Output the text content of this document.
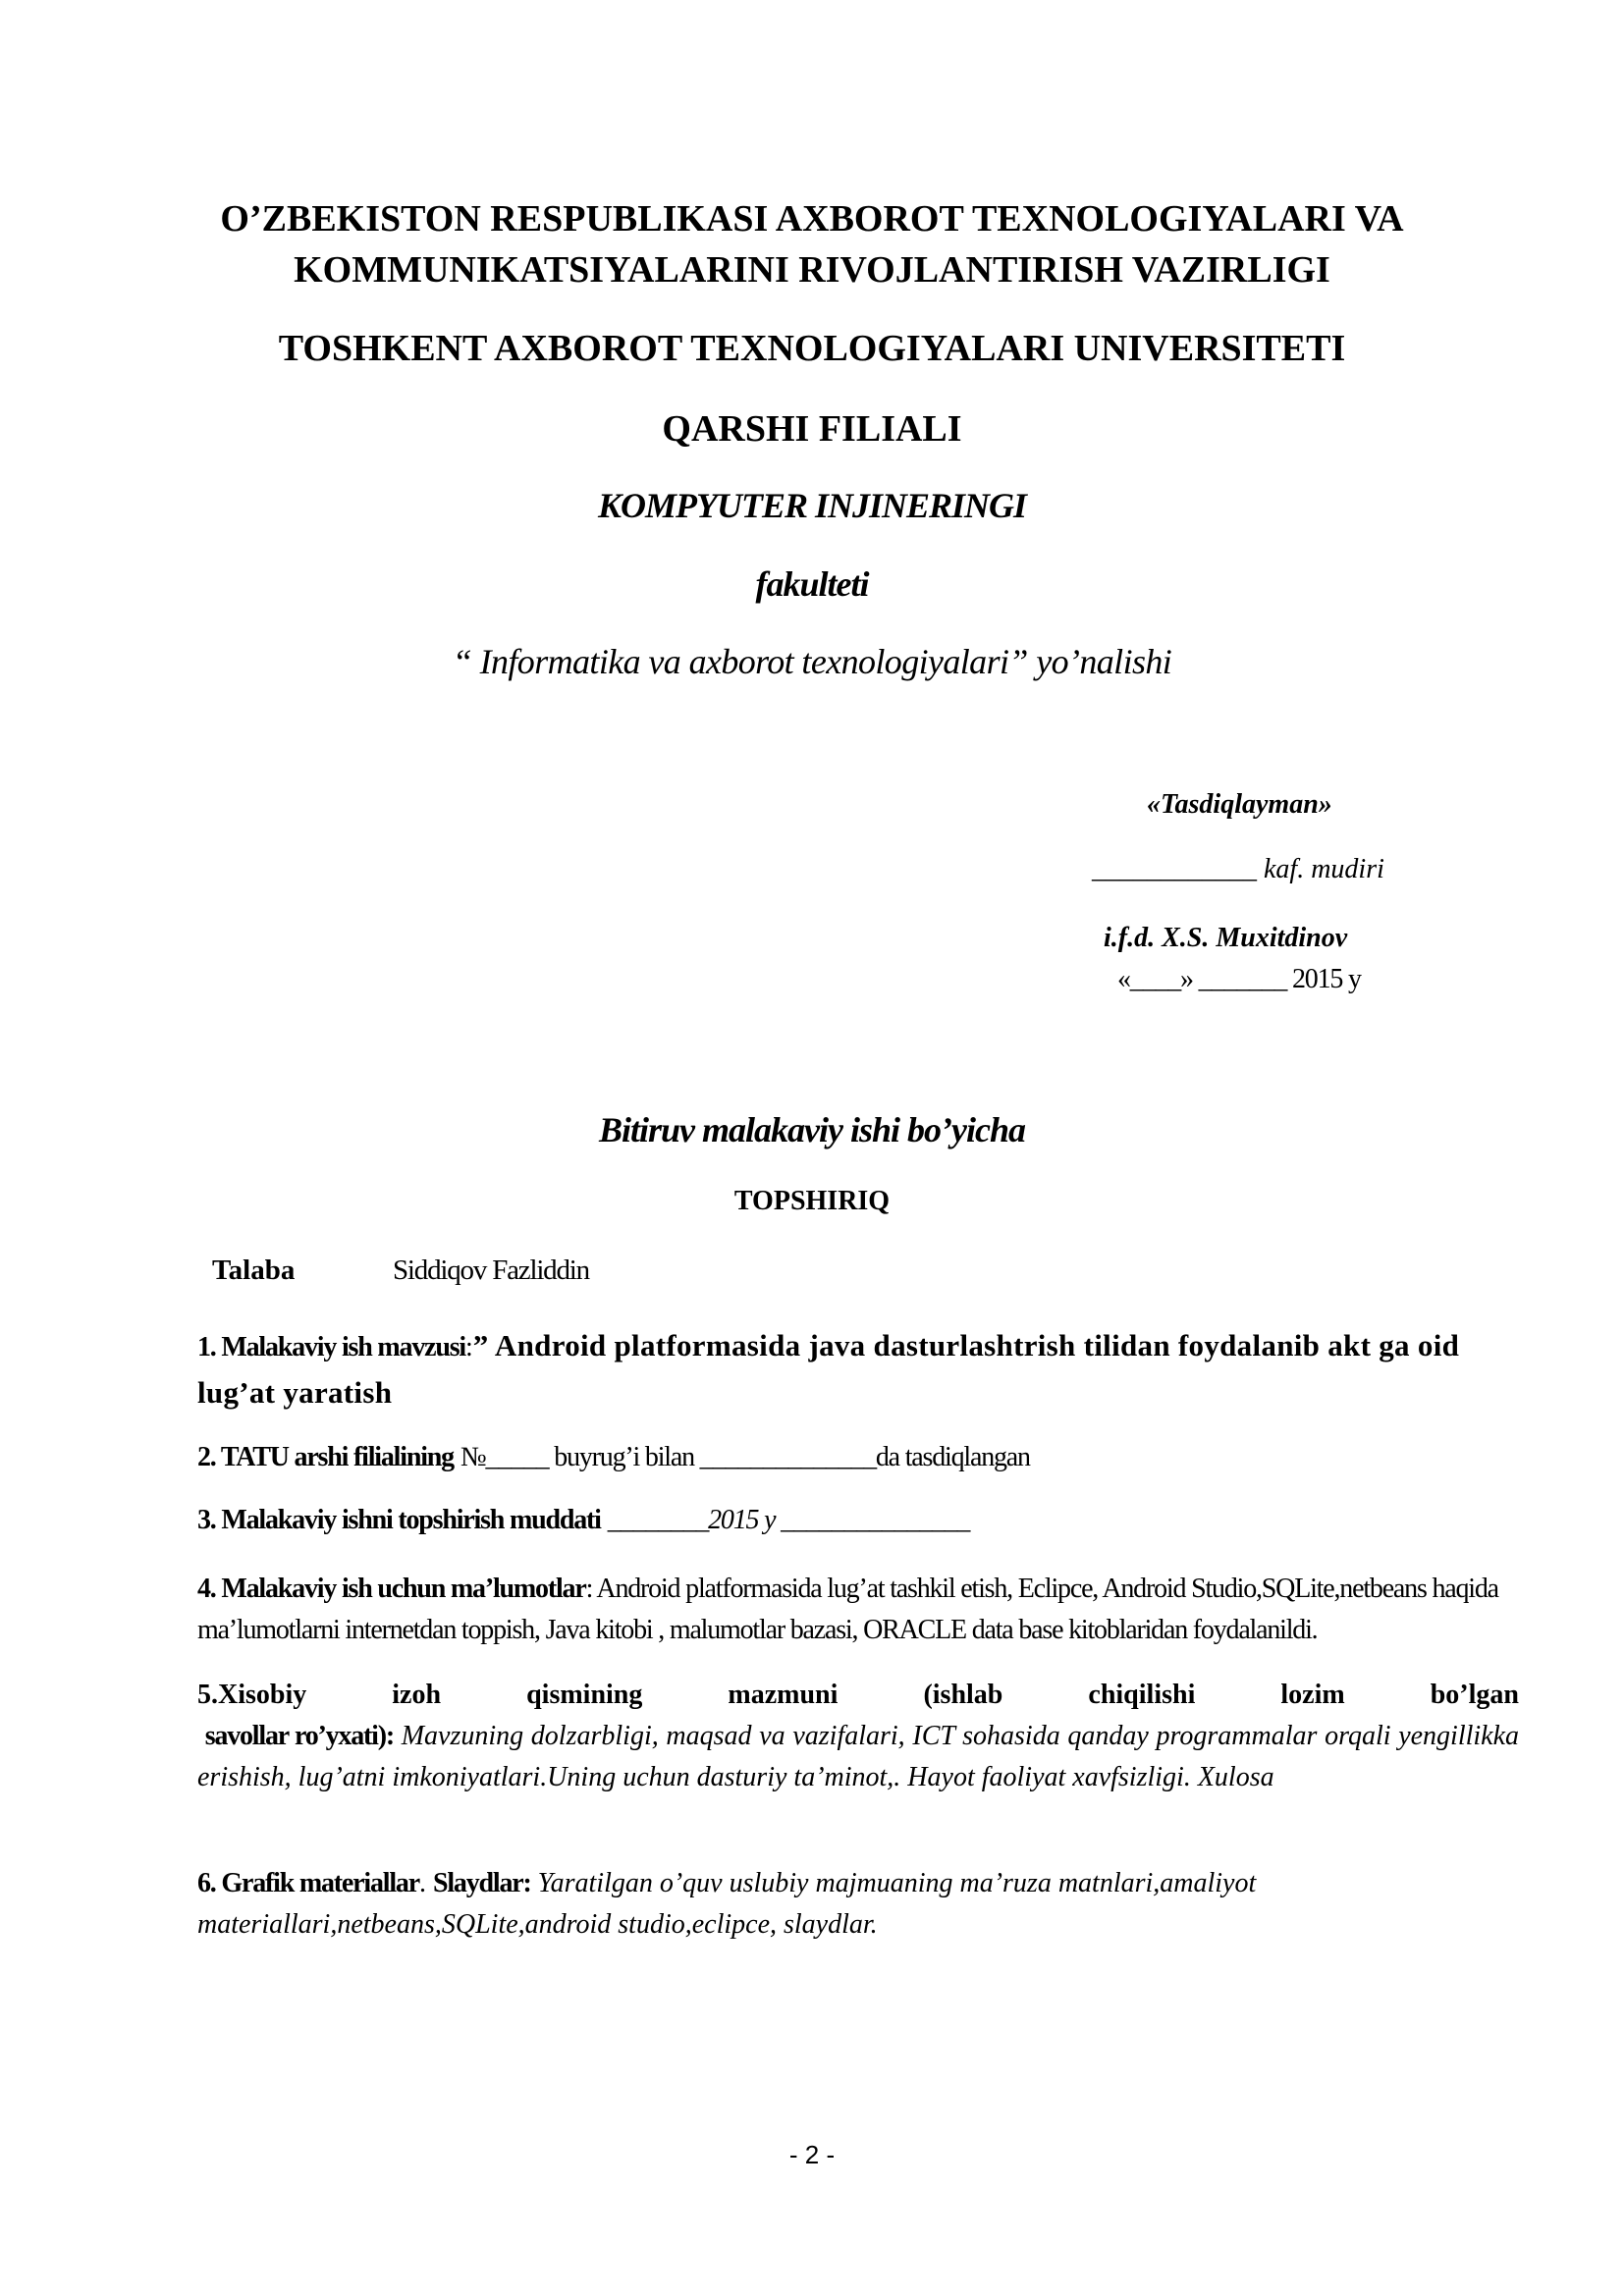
O’ZBEKISTON RESPUBLIKASI AXBOROT TEXNOLOGIYALARI VA
KOMMUNIKATSIYALARINI RIVOJLANTIRISH VAZIRLIGI
TOSHKENT AXBOROT TEXNOLOGIYALARI UNIVERSITETI
QARSHI FILIALI
KOMPYUTER INJINERINGI
fakulteti
“ Informatika va axborot texnologiyalari” yo’nalishi
«Tasdiqlayman»
____________ kaf. mudiri
i.f.d. X.S. Muxitdinov
«____» _______ 2015 y
Bitiruv malakaviy ishi bo’yicha
TOPSHIRIQ
Talaba	Siddiqov Fazliddin
1. Malakaviy ish mavzusi:” Android platformasida java dasturlashtrish tilidan foydalanib akt ga oid lug’at yaratish
2. TATU arshi filialining №_____ buyrug’i bilan ______________da tasdiqlangan
3. Malakaviy ishni topshirish muddati ________2015 y _______________
4. Malakaviy ish uchun ma’lumotlar: Android platformasida lug’at tashkil etish, Eclipce, Android Studio,SQLite,netbeans haqida ma’lumotlarni internetdan toppish, Java kitobi , malumotlar bazasi, ORACLE data base kitoblaridan foydalanildi.
5.Xisobiy	izoh	qismining	mazmuni	(ishlab	chiqilishi	lozim	bo’lgan
savollar ro’yxati): Mavzuning dolzarbligi, maqsad va vazifalari, ICT sohasida qanday programmalar orqali yengillikka erishish, lug’atni imkoniyatlari.Uning uchun dasturiy ta’minot,. Hayot faoliyat xavfsizligi. Xulosa
6. Grafik materiallar. Slaydlar: Yaratilgan o’quv uslubiy majmuaning ma’ruza matnlari,amaliyot materiallari,netbeans,SQLite,android studio,eclipce, slaydlar.
- 2 -
